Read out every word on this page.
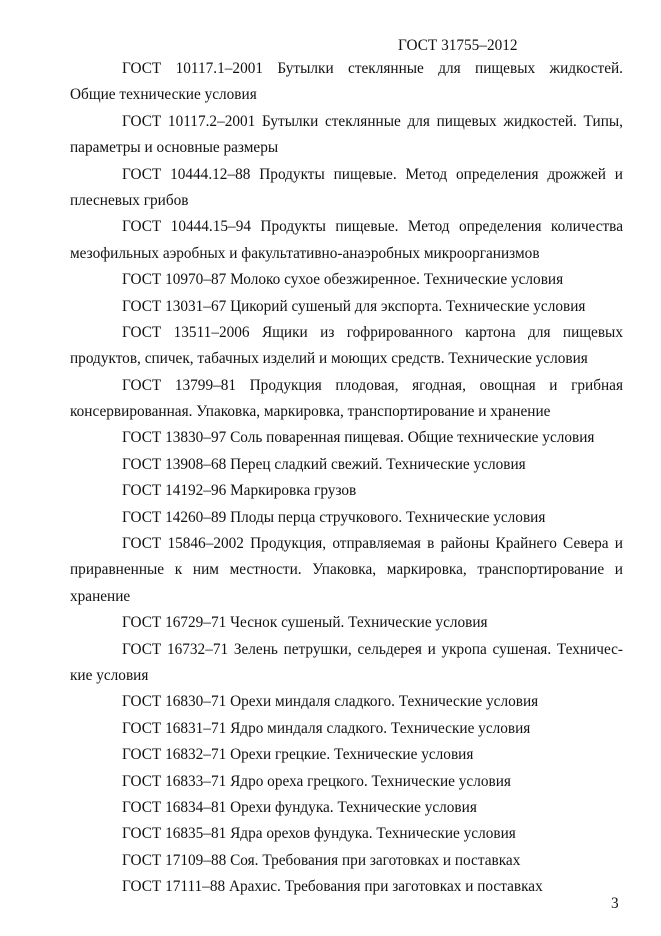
ГОСТ 31755–2012
ГОСТ 10117.1–2001 Бутылки стеклянные для пищевых жидкостей.
Общие технические условия
ГОСТ 10117.2–2001 Бутылки стеклянные для пищевых жидкостей. Типы,
параметры и основные размеры
ГОСТ 10444.12–88 Продукты пищевые. Метод определения дрожжей и
плесневых грибов
ГОСТ 10444.15–94 Продукты пищевые. Метод определения количества
мезофильных аэробных и факультативно-анаэробных микроорганизмов
ГОСТ 10970–87 Молоко сухое обезжиренное. Технические условия
ГОСТ 13031–67 Цикорий сушеный для экспорта. Технические условия
ГОСТ 13511–2006 Ящики из гофрированного картона для пищевых
продуктов, спичек, табачных изделий и моющих средств. Технические условия
ГОСТ 13799–81 Продукция плодовая, ягодная, овощная и грибная
консервированная. Упаковка, маркировка, транспортирование и хранение
ГОСТ 13830–97 Соль поваренная пищевая. Общие технические условия
ГОСТ 13908–68 Перец сладкий свежий. Технические условия
ГОСТ 14192–96 Маркировка грузов
ГОСТ 14260–89 Плоды перца стручкового. Технические условия
ГОСТ 15846–2002 Продукция, отправляемая в районы Крайнего Севера и
приравненные к ним местности. Упаковка, маркировка, транспортирование и
хранение
ГОСТ 16729–71 Чеснок сушеный. Технические условия
ГОСТ 16732–71 Зелень петрушки, сельдерея и укропа сушеная. Техничес-
кие условия
ГОСТ 16830–71 Орехи миндаля сладкого. Технические условия
ГОСТ 16831–71 Ядро миндаля сладкого. Технические условия
ГОСТ 16832–71 Орехи грецкие. Технические условия
ГОСТ 16833–71 Ядро ореха грецкого. Технические условия
ГОСТ 16834–81 Орехи фундука. Технические условия
ГОСТ 16835–81 Ядра орехов фундука. Технические условия
ГОСТ 17109–88 Соя. Требования при заготовках и поставках
ГОСТ 17111–88 Арахис. Требования при заготовках и поставках
3
